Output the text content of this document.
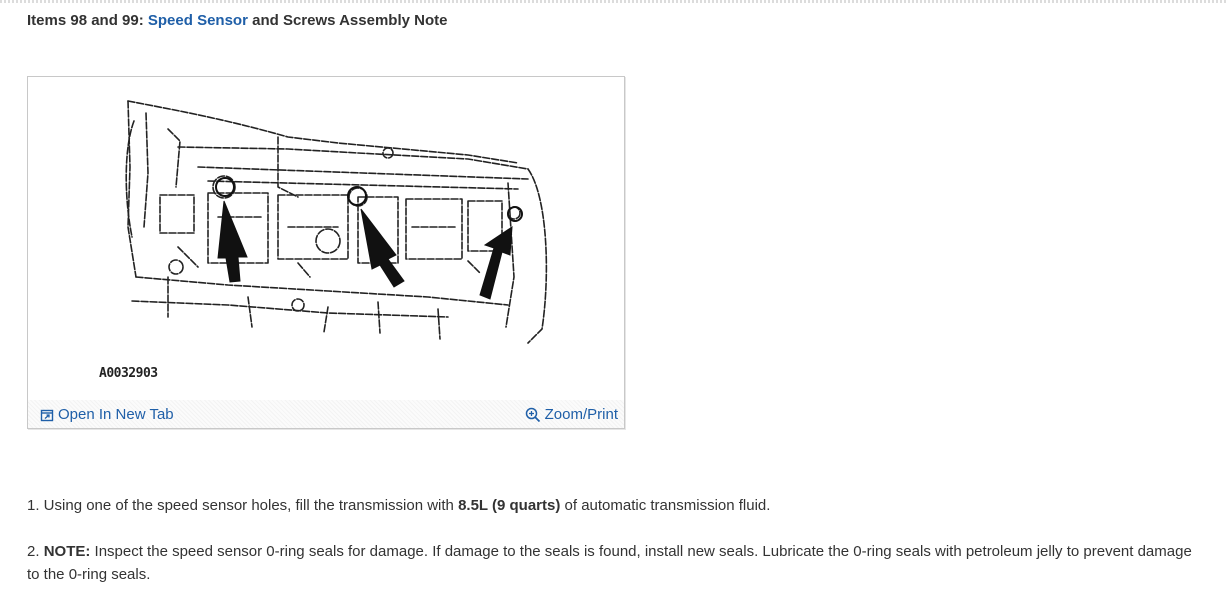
Items 98 and 99: Speed Sensor and Screws Assembly Note
A0032903
Open In New Tab	Zoom/Print
1. Using one of the speed sensor holes, fill the transmission with 8.5L (9 quarts) of automatic transmission fluid.
2. NOTE: Inspect the speed sensor 0-ring seals for damage. If damage to the seals is found, install new seals. Lubricate the 0-ring seals with petroleum jelly to prevent damage to the 0-ring seals.
